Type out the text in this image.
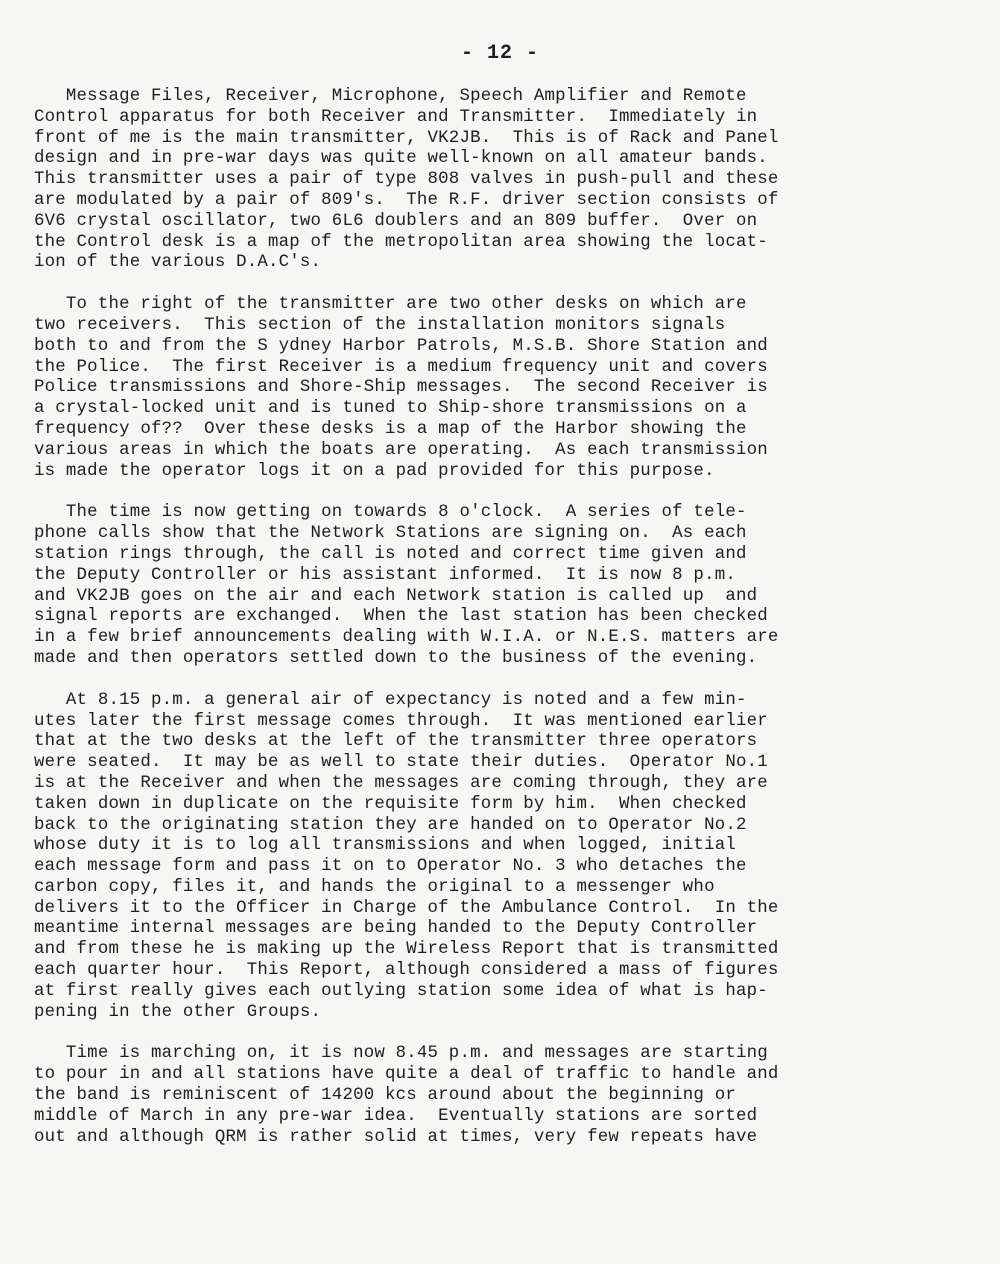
- 12 -
Message Files, Receiver, Microphone, Speech Amplifier and Remote
Control apparatus for both Receiver and Transmitter.  Immediately in
front of me is the main transmitter, VK2JB.  This is of Rack and Panel
design and in pre-war days was quite well-known on all amateur bands.
This transmitter uses a pair of type 808 valves in push-pull and these
are modulated by a pair of 809's.  The R.F. driver section consists of
6V6 crystal oscillator, two 6L6 doublers and an 809 buffer.  Over on
the Control desk is a map of the metropolitan area showing the locat-
ion of the various D.A.C's.
To the right of the transmitter are two other desks on which are
two receivers.  This section of the installation monitors signals
both to and from the S ydney Harbor Patrols, M.S.B. Shore Station and
the Police.  The first Receiver is a medium frequency unit and covers
Police transmissions and Shore-Ship messages.  The second Receiver is
a crystal-locked unit and is tuned to Ship-shore transmissions on a
frequency of??  Over these desks is a map of the Harbor showing the
various areas in which the boats are operating.  As each transmission
is made the operator logs it on a pad provided for this purpose.
The time is now getting on towards 8 o'clock.  A series of tele-
phone calls show that the Network Stations are signing on.  As each
station rings through, the call is noted and correct time given and
the Deputy Controller or his assistant informed.  It is now 8 p.m.
and VK2JB goes on the air and each Network station is called up  and
signal reports are exchanged.  When the last station has been checked
in a few brief announcements dealing with W.I.A. or N.E.S. matters are
made and then operators settled down to the business of the evening.
At 8.15 p.m. a general air of expectancy is noted and a few min-
utes later the first message comes through.  It was mentioned earlier
that at the two desks at the left of the transmitter three operators
were seated.  It may be as well to state their duties.  Operator No.1
is at the Receiver and when the messages are coming through, they are
taken down in duplicate on the requisite form by him.  When checked
back to the originating station they are handed on to Operator No.2
whose duty it is to log all transmissions and when logged, initial
each message form and pass it on to Operator No. 3 who detaches the
carbon copy, files it, and hands the original to a messenger who
delivers it to the Officer in Charge of the Ambulance Control.  In the
meantime internal messages are being handed to the Deputy Controller
and from these he is making up the Wireless Report that is transmitted
each quarter hour.  This Report, although considered a mass of figures
at first really gives each outlying station some idea of what is hap-
pening in the other Groups.
Time is marching on, it is now 8.45 p.m. and messages are starting
to pour in and all stations have quite a deal of traffic to handle and
the band is reminiscent of 14200 kcs around about the beginning or
middle of March in any pre-war idea.  Eventually stations are sorted
out and although QRM is rather solid at times, very few repeats have
